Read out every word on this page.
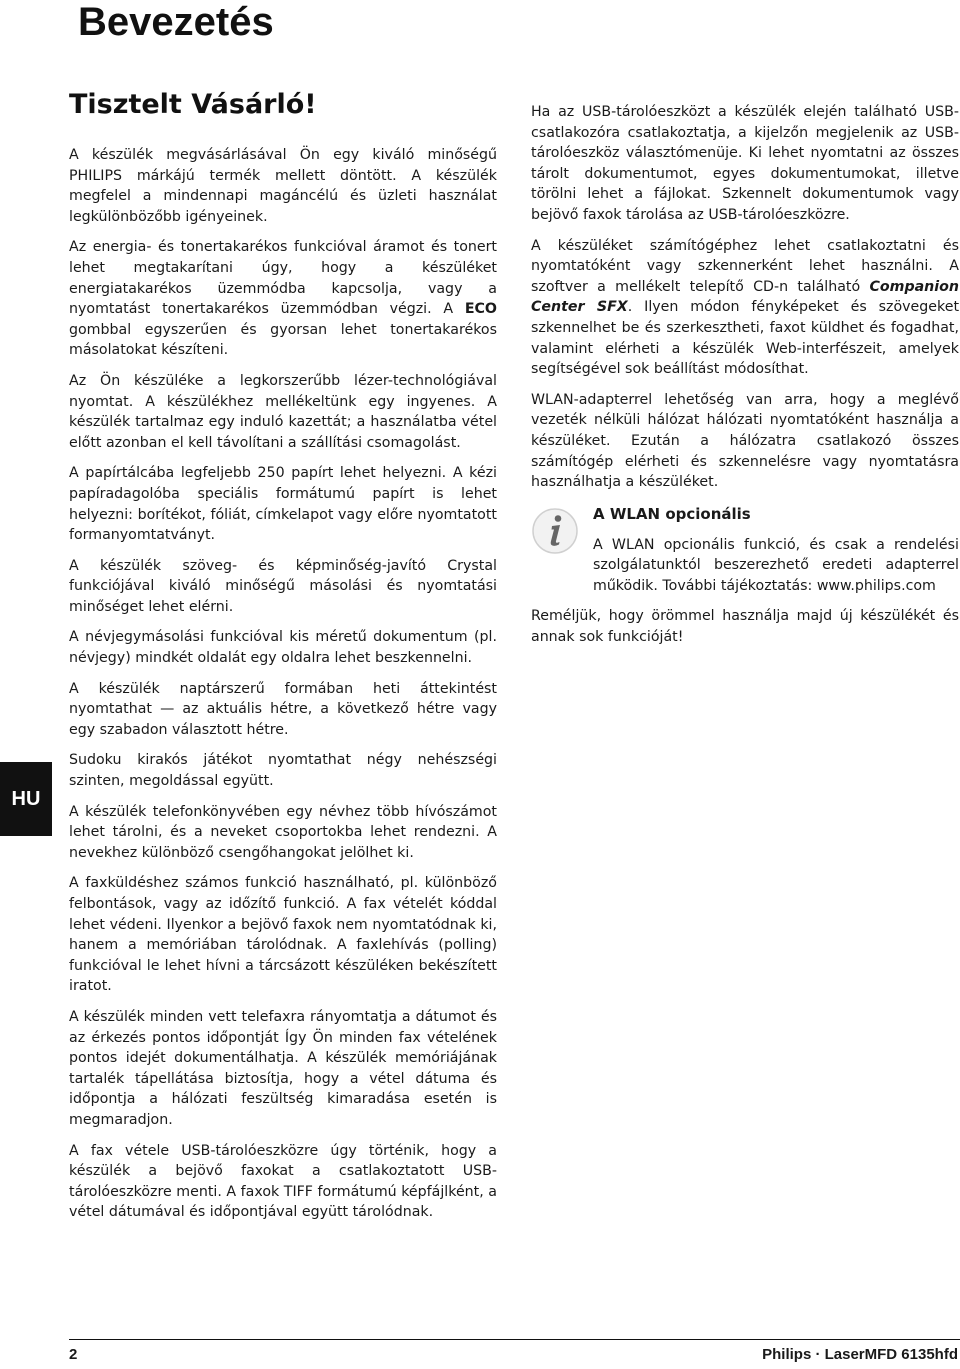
Bevezetés
Tisztelt Vásárló!

A készülék megvásárlásával Ön egy kiváló minőségű PHILIPS márkájú termék mellett döntött. A készülék megfelel a mindennapi magáncélú és üzleti használat legkülönbözőbb igényeinek.

Az energia- és tonertakarékos funkcióval áramot és tonert lehet megtakarítani úgy, hogy a készüléket energiatakarékos üzemmódba kapcsolja, vagy a nyomtatást tonertakarékos üzemmódban végzi. A ECO gombbal egyszerűen és gyorsan lehet tonertakarékos másolatokat készíteni.

Az Ön készüléke a legkorszerűbb lézer-technológiával nyomtat. A készülékhez mellékeltünk egy ingyenes. A készülék tartalmaz egy induló kazettát; a használatba vétel előtt azonban el kell távolítani a szállítási csomagolást.

A papírtálcába legfeljebb 250 papírt lehet helyezni. A kézi papíradagolóba speciális formátumú papírt is lehet helyezni: borítékot, fóliát, címkelapot vagy előre nyomtatott formanyomtatványt.

A készülék szöveg- és képminőség-javító Crystal funkciójával kiváló minőségű másolási és nyomtatási minőséget lehet elérni.

A névjegymásolási funkcióval kis méretű dokumentum (pl. névjegy) mindkét oldalát egy oldalra lehet beszkennelni.

A készülék naptárszerű formában heti áttekintést nyomtathat — az aktuális hétre, a következő hétre vagy egy szabadon választott hétre.

Sudoku kirakós játékot nyomtathat négy nehészségi szinten, megoldással együtt.

A készülék telefonkönyvében egy névhez több hívószámot lehet tárolni, és a neveket csoportokba lehet rendezni. A nevekhez különböző csengőhangokat jelölhet ki.

A faxküldéshez számos funkció használható, pl. különböző felbontások, vagy az időzítő funkció. A fax vételét kóddal lehet védeni. Ilyenkor a bejövő faxok nem nyomtatódnak ki, hanem a memóriában tárolódnak. A faxlehívás (polling) funkcióval le lehet hívni a tárcsázott készüléken bekészített iratot.

A készülék minden vett telefaxra rányomtatja a dátumot és az érkezés pontos időpontját Így Ön minden fax vételének pontos idejét dokumentálhatja. A készülék memóriájának tartalék tápellátása biztosítja, hogy a vétel dátuma és időpontja a hálózati feszültség kimaradása esetén is megmaradjon.

A fax vétele USB-tárolóeszközre úgy történik, hogy a készülék a bejövő faxokat a csatlakoztatott USB-tárolóeszközre menti. A faxok TIFF formátumú képfájlként, a vétel dátumával és időpontjával együtt tárolódnak.

Ha az USB-tárolóeszközt a készülék elején található USB-csatlakozóra csatlakoztatja, a kijelzőn megjelenik az USB-tárolóeszköz választómenüje. Ki lehet nyomtatni az összes tárolt dokumentumot, egyes dokumentumokat, illetve törölni lehet a fájlokat. Szkennelt dokumentumok vagy bejövő faxok tárolása az USB-tárolóeszközre.

A készüléket számítógéphez lehet csatlakoztatni és nyomtatóként vagy szkennerként lehet használni. A szoftver a mellékelt telepítő CD-n található Companion Center SFX. Ilyen módon fényképeket és szövegeket szkennelhet be és szerkesztheti, faxot küldhet és fogadhat, valamint elérheti a készülék Web-interfészeit, amelyek segítségével sok beállítást módosíthat.

WLAN-adapterrel lehetőség van arra, hogy a meglévő vezeték nélküli hálózat hálózati nyomtatóként használja a készüléket. Ezután a hálózatra csatlakozó összes számítógép elérheti és szkennelésre vagy nyomtatásra használhatja a készüléket.

A WLAN opcionális

A WLAN opcionális funkció, és csak a rendelési szolgálatunktól beszerezhető eredeti adapterrel működik. További tájékoztatás: www.philips.com

Reméljük, hogy örömmel használja majd új készülékét és annak sok funkcióját!

HU
2	Philips · LaserMFD 6135hfd
